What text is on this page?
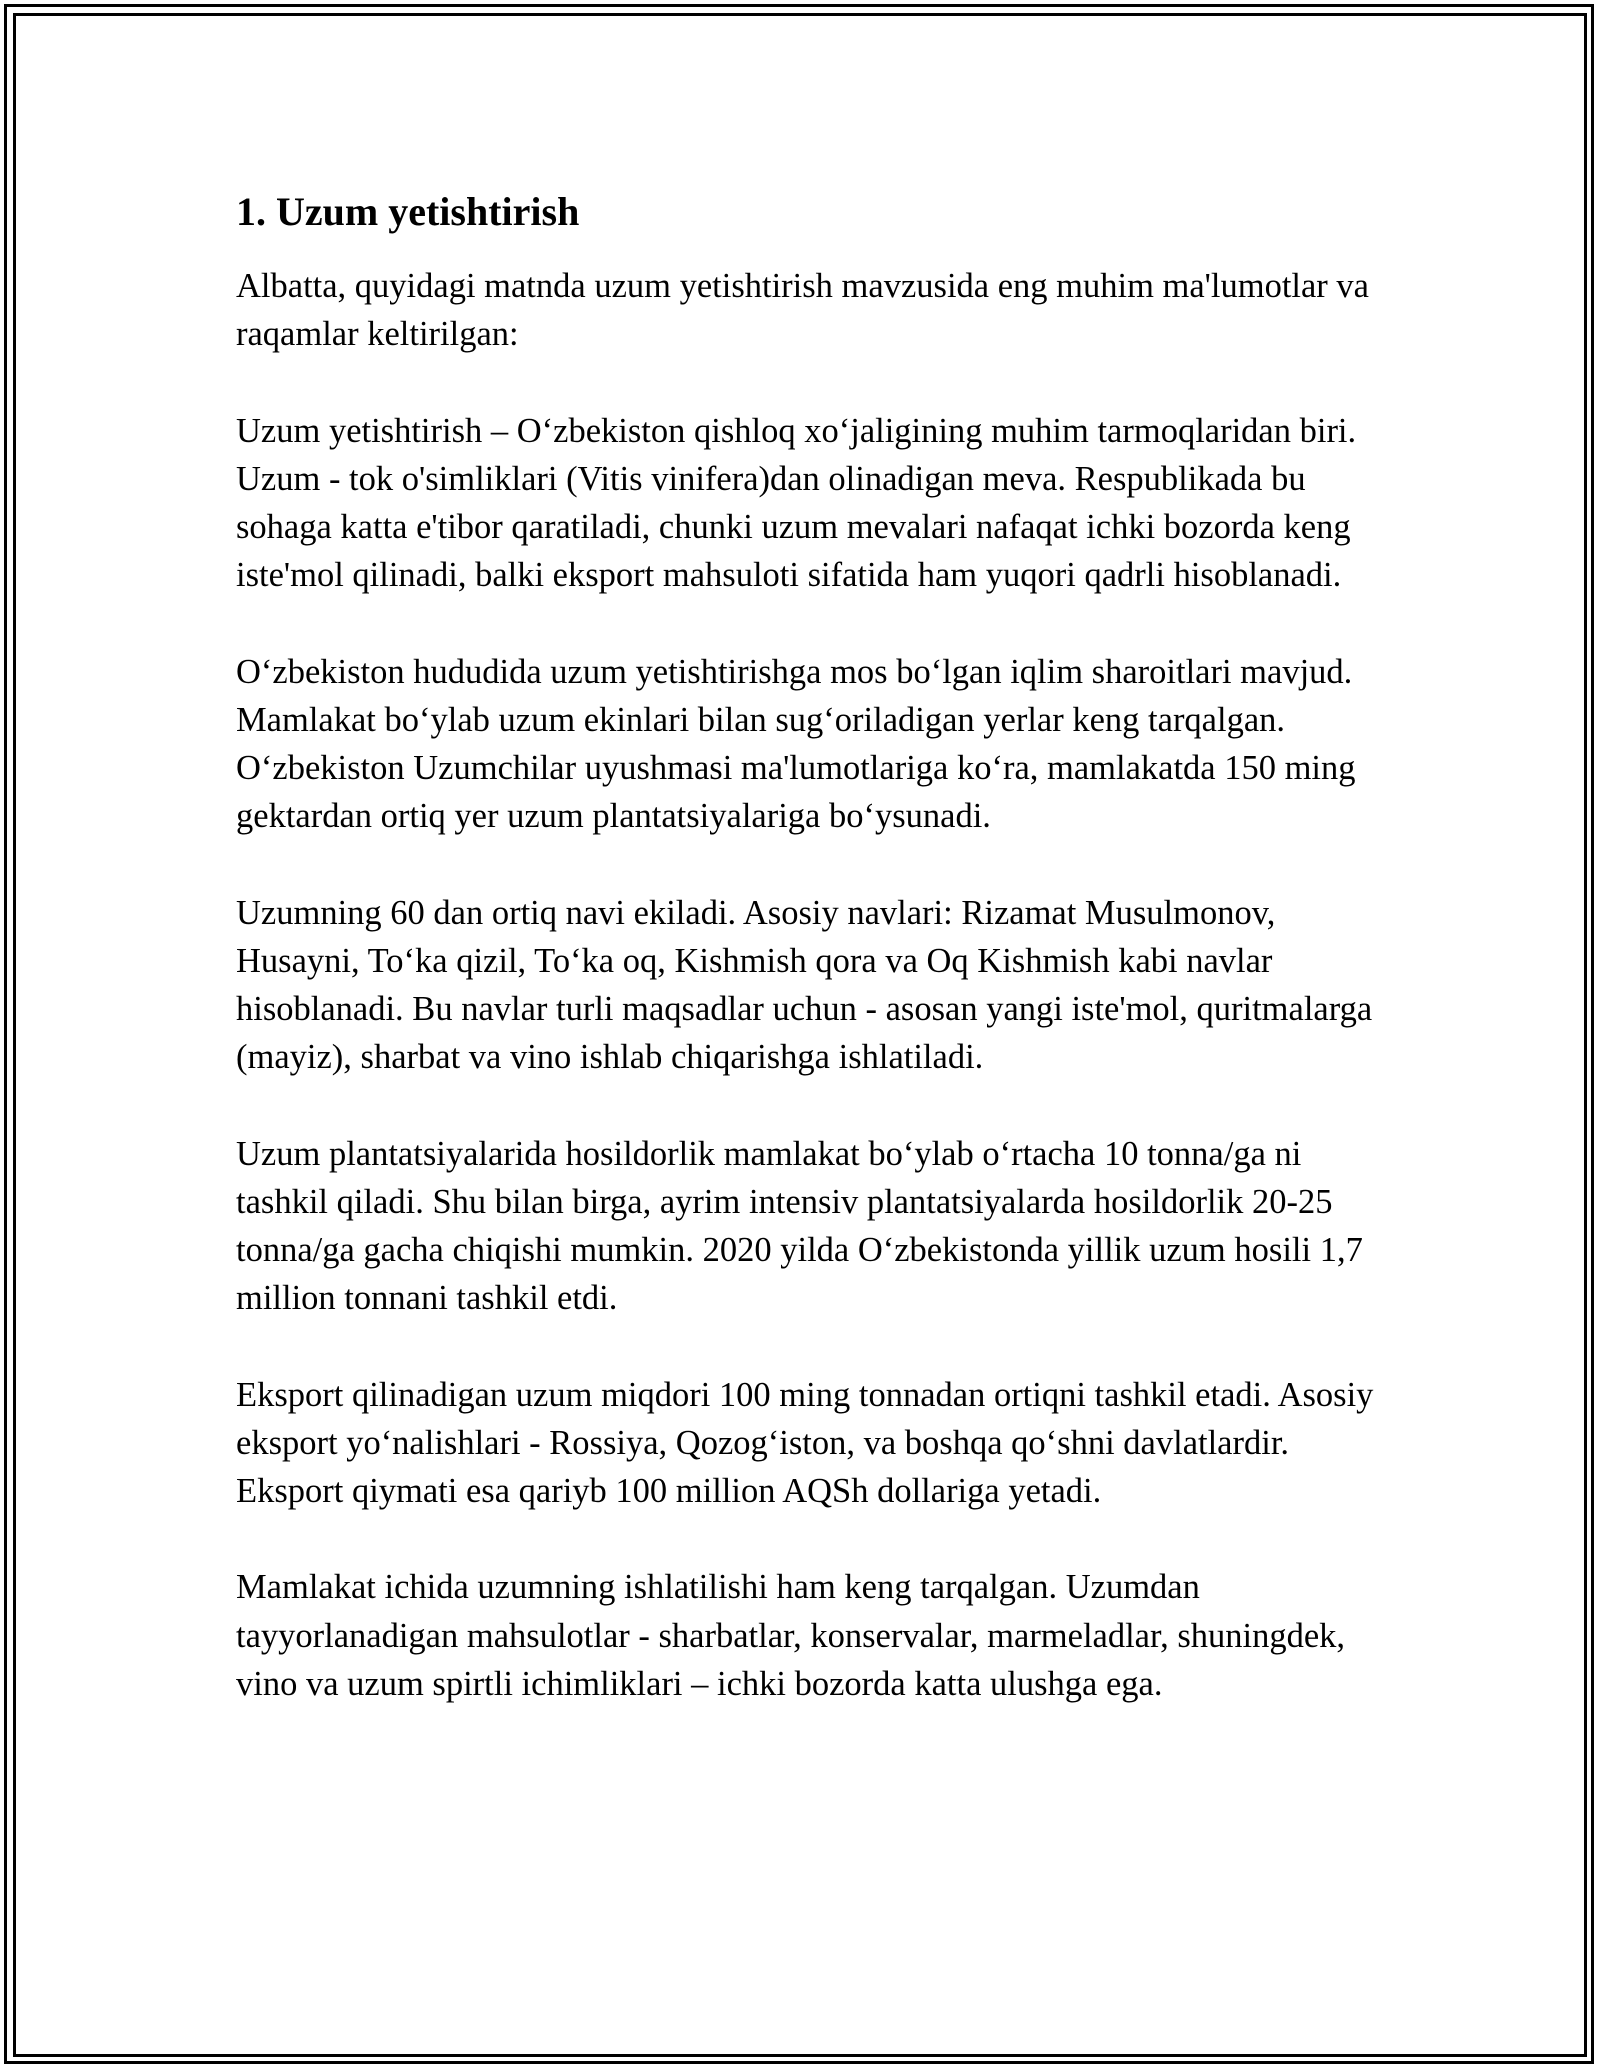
1. Uzum yetishtirish

Albatta, quyidagi matnda uzum yetishtirish mavzusida eng muhim ma'lumotlar va raqamlar keltirilgan:

Uzum yetishtirish – O‘zbekiston qishloq xo‘jaligining muhim tarmoqlaridan biri. Uzum - tok o'simliklari (Vitis vinifera)dan olinadigan meva. Respublikada bu sohaga katta e'tibor qaratiladi, chunki uzum mevalari nafaqat ichki bozorda keng iste'mol qilinadi, balki eksport mahsuloti sifatida ham yuqori qadrli hisoblanadi.

O‘zbekiston hududida uzum yetishtirishga mos bo‘lgan iqlim sharoitlari mavjud. Mamlakat bo‘ylab uzum ekinlari bilan sug‘oriladigan yerlar keng tarqalgan. O‘zbekiston Uzumchilar uyushmasi ma'lumotlariga ko‘ra, mamlakatda 150 ming gektardan ortiq yer uzum plantatsiyalariga bo‘ysunadi.

Uzumning 60 dan ortiq navi ekiladi. Asosiy navlari: Rizamat Musulmonov, Husayni, To‘ka qizil, To‘ka oq, Kishmish qora va Oq Kishmish kabi navlar hisoblanadi. Bu navlar turli maqsadlar uchun - asosan yangi iste'mol, quritmalarga (mayiz), sharbat va vino ishlab chiqarishga ishlatiladi.

Uzum plantatsiyalarida hosildorlik mamlakat bo‘ylab o‘rtacha 10 tonna/ga ni tashkil qiladi. Shu bilan birga, ayrim intensiv plantatsiyalarda hosildorlik 20-25 tonna/ga gacha chiqishi mumkin. 2020 yilda O‘zbekistonda yillik uzum hosili 1,7 million tonnani tashkil etdi.

Eksport qilinadigan uzum miqdori 100 ming tonnadan ortiqni tashkil etadi. Asosiy eksport yo‘nalishlari - Rossiya, Qozog‘iston, va boshqa qo‘shni davlatlardir. Eksport qiymati esa qariyb 100 million AQSh dollariga yetadi.

Mamlakat ichida uzumning ishlatilishi ham keng tarqalgan. Uzumdan tayyorlanadigan mahsulotlar - sharbatlar, konservalar, marmeladlar, shuningdek, vino va uzum spirtli ichimliklari – ichki bozorda katta ulushga ega.
